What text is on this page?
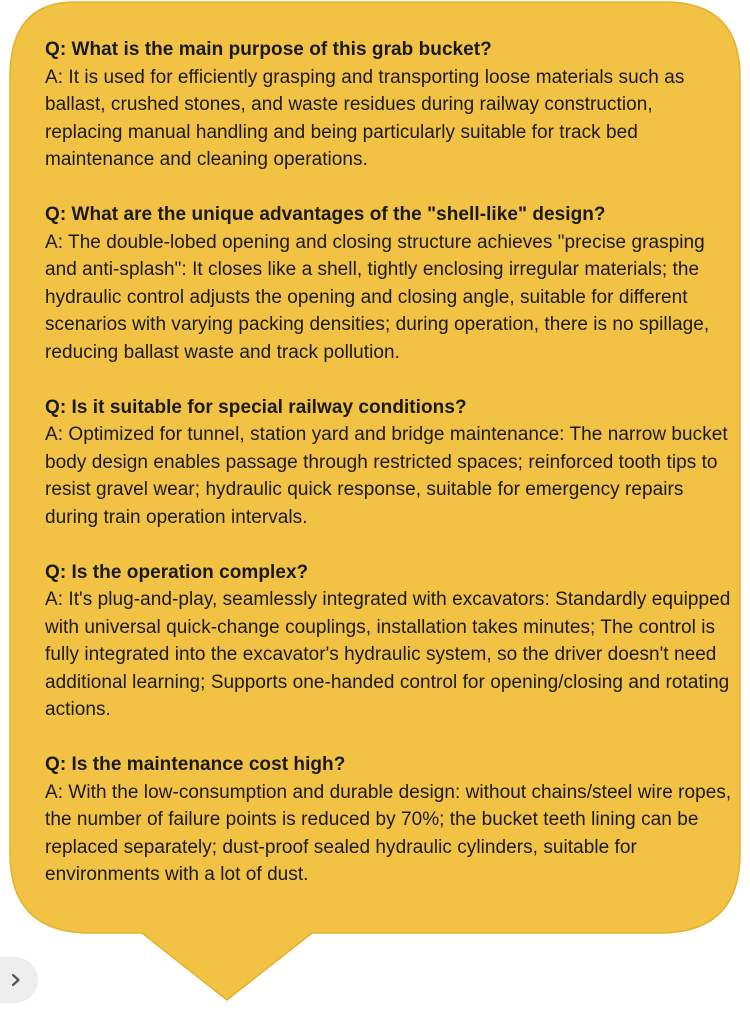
Q: What is the main purpose of this grab bucket?
A: It is used for efficiently grasping and transporting loose materials such as ballast, crushed stones, and waste residues during railway construction, replacing manual handling and being particularly suitable for track bed maintenance and cleaning operations.
Q: What are the unique advantages of the "shell-like" design?
A: The double-lobed opening and closing structure achieves "precise grasping and anti-splash": It closes like a shell, tightly enclosing irregular materials; the hydraulic control adjusts the opening and closing angle, suitable for different scenarios with varying packing densities; during operation, there is no spillage, reducing ballast waste and track pollution.
Q: Is it suitable for special railway conditions?
A: Optimized for tunnel, station yard and bridge maintenance: The narrow bucket body design enables passage through restricted spaces; reinforced tooth tips to resist gravel wear; hydraulic quick response, suitable for emergency repairs during train operation intervals.
Q: Is the operation complex?
A: It's plug-and-play, seamlessly integrated with excavators: Standardly equipped with universal quick-change couplings, installation takes minutes; The control is fully integrated into the excavator's hydraulic system, so the driver doesn't need additional learning; Supports one-handed control for opening/closing and rotating actions.
Q: Is the maintenance cost high?
A: With the low-consumption and durable design: without chains/steel wire ropes, the number of failure points is reduced by 70%; the bucket teeth lining can be replaced separately; dust-proof sealed hydraulic cylinders, suitable for environments with a lot of dust.
